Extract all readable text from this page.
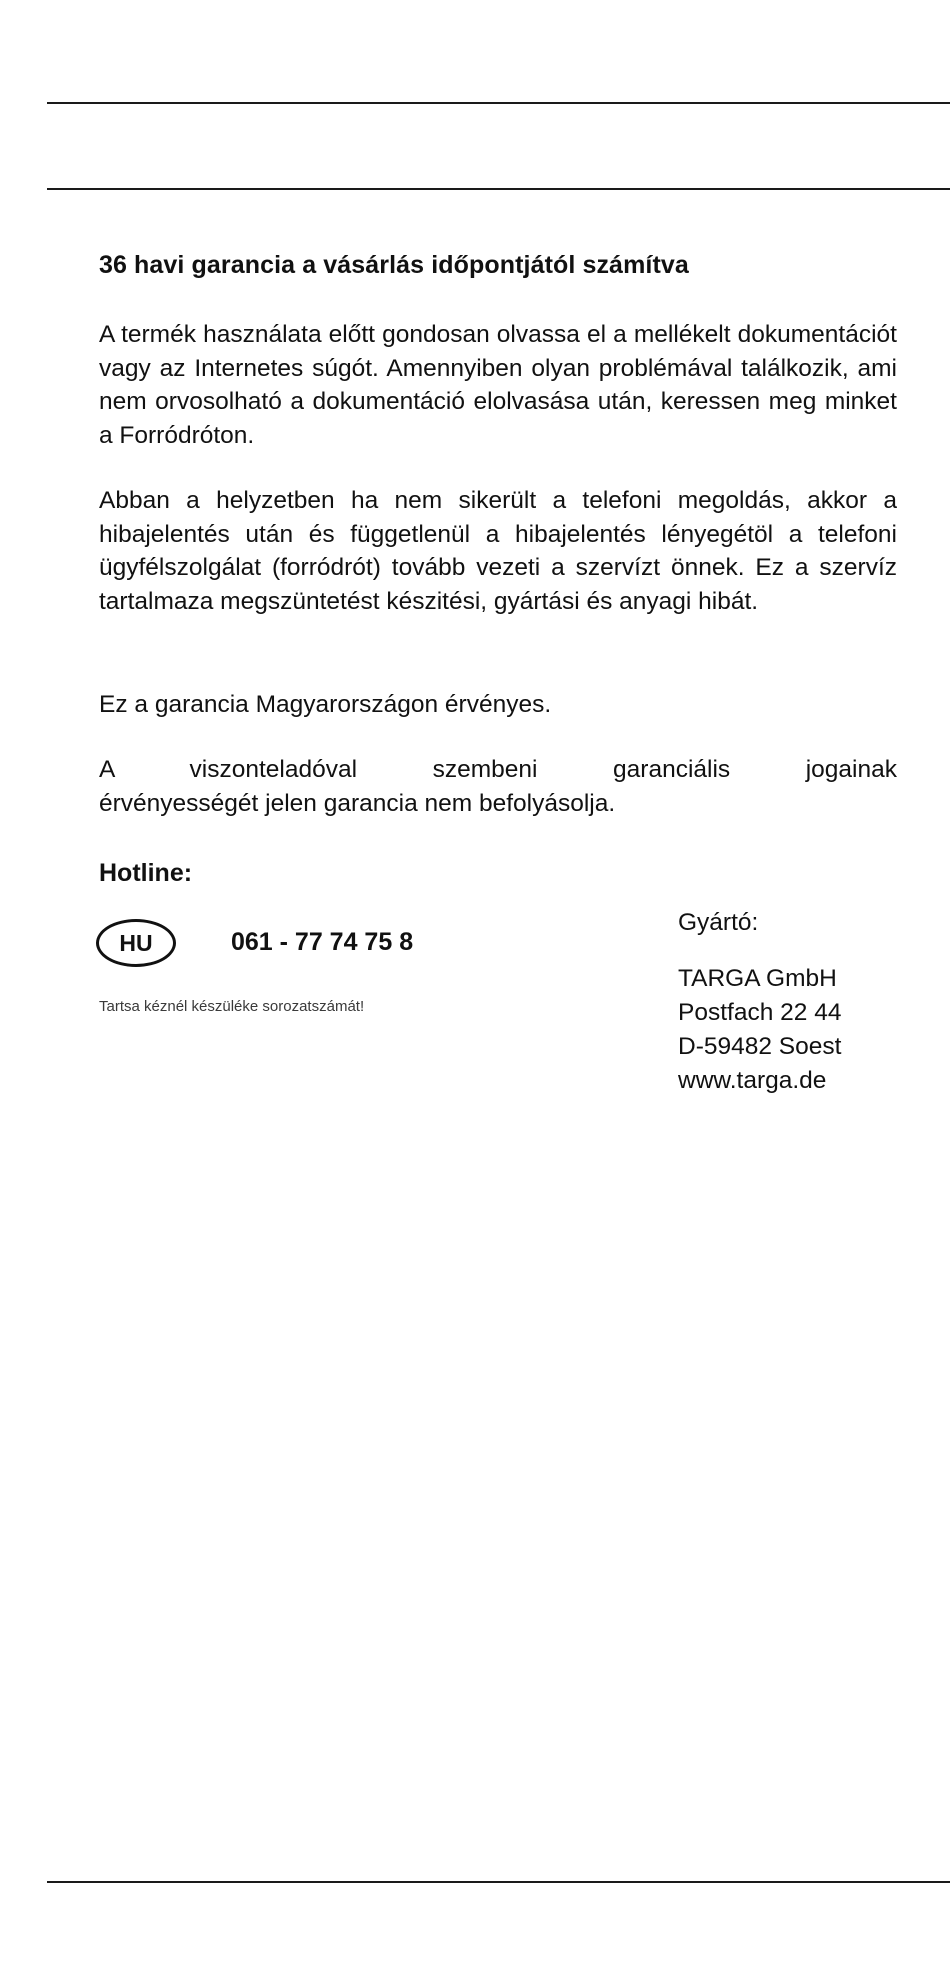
36 havi garancia a vásárlás időpontjától számítva
A termék használata előtt gondosan olvassa el a mellékelt dokumentációt vagy az Internetes súgót. Amennyiben olyan problémával találkozik, ami nem orvosolható a dokumentáció elolvasása után, keressen meg minket a Forródróton.
Abban a helyzetben ha nem sikerült a telefoni megoldás, akkor a hibajelentés után és függetlenül a hibajelentés lényegétöl a telefoni ügyfélszolgálat (forródrót) tovább vezeti a szervízt önnek. Ez a szervíz tartalmaza megszüntetést készitési, gyártási és anyagi hibát.
Ez a garancia Magyarországon érvényes.
A viszonteladóval szembeni garanciális jogainak
érvényességét jelen garancia nem befolyásolja.
Hotline:
HU	061 - 77 74 75 8
Tartsa kéznél készüléke sorozatszámát!
Gyártó:
TARGA GmbH
Postfach 22 44
D-59482 Soest
www.targa.de
